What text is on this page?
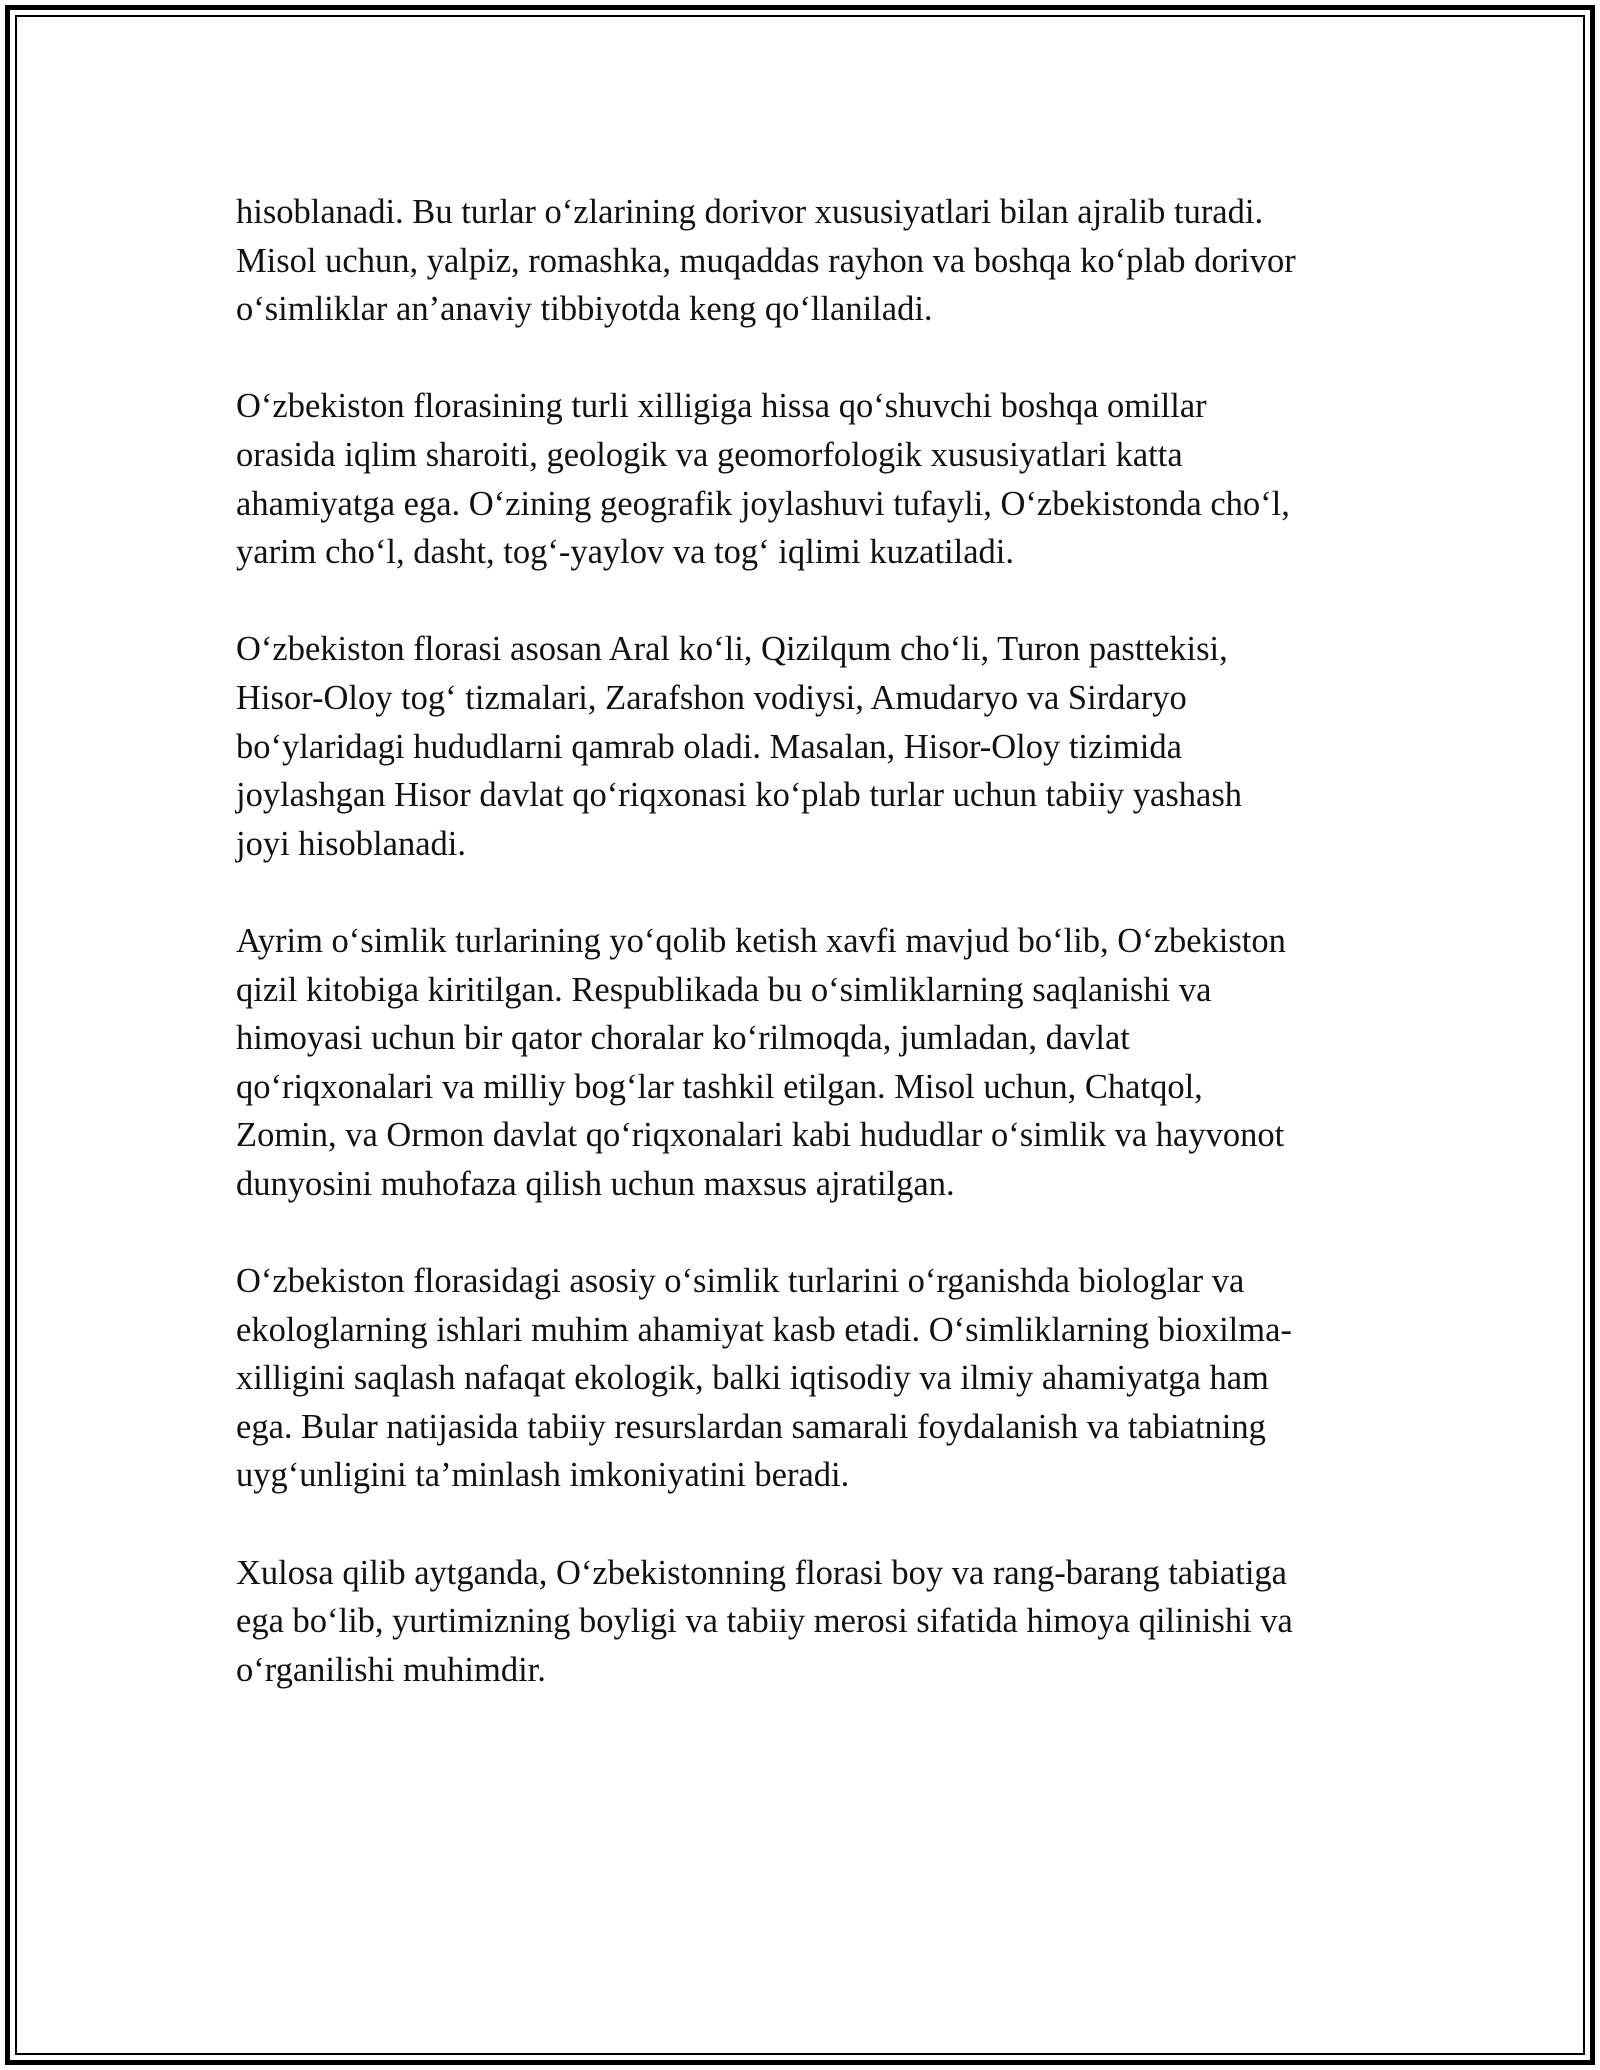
hisoblanadi. Bu turlar o‘zlarining dorivor xususiyatlari bilan ajralib turadi.
Misol uchun, yalpiz, romashka, muqaddas rayhon va boshqa ko‘plab dorivor
o‘simliklar an’anaviy tibbiyotda keng qo‘llaniladi.

O‘zbekiston florasining turli xilligiga hissa qo‘shuvchi boshqa omillar
orasida iqlim sharoiti, geologik va geomorfologik xususiyatlari katta
ahamiyatga ega. O‘zining geografik joylashuvi tufayli, O‘zbekistonda cho‘l,
yarim cho‘l, dasht, tog‘-yaylov va tog‘ iqlimi kuzatiladi.

O‘zbekiston florasi asosan Aral ko‘li, Qizilqum cho‘li, Turon pasttekisi,
Hisor-Oloy tog‘ tizmalari, Zarafshon vodiysi, Amudaryo va Sirdaryo
bo‘ylaridagi hududlarni qamrab oladi. Masalan, Hisor-Oloy tizimida
joylashgan Hisor davlat qo‘riqxonasi ko‘plab turlar uchun tabiiy yashash
joyi hisoblanadi.

Ayrim o‘simlik turlarining yo‘qolib ketish xavfi mavjud bo‘lib, O‘zbekiston
qizil kitobiga kiritilgan. Respublikada bu o‘simliklarning saqlanishi va
himoyasi uchun bir qator choralar ko‘rilmoqda, jumladan, davlat
qo‘riqxonalari va milliy bog‘lar tashkil etilgan. Misol uchun, Chatqol,
Zomin, va Ormon davlat qo‘riqxonalari kabi hududlar o‘simlik va hayvonot
dunyosini muhofaza qilish uchun maxsus ajratilgan.

O‘zbekiston florasidagi asosiy o‘simlik turlarini o‘rganishda biologlar va
ekologlarning ishlari muhim ahamiyat kasb etadi. O‘simliklarning bioxilma-
xilligini saqlash nafaqat ekologik, balki iqtisodiy va ilmiy ahamiyatga ham
ega. Bular natijasida tabiiy resurslardan samarali foydalanish va tabiatning
uyg‘unligini ta’minlash imkoniyatini beradi.

Xulosa qilib aytganda, O‘zbekistonning florasi boy va rang-barang tabiatiga
ega bo‘lib, yurtimizning boyligi va tabiiy merosi sifatida himoya qilinishi va
o‘rganilishi muhimdir.
